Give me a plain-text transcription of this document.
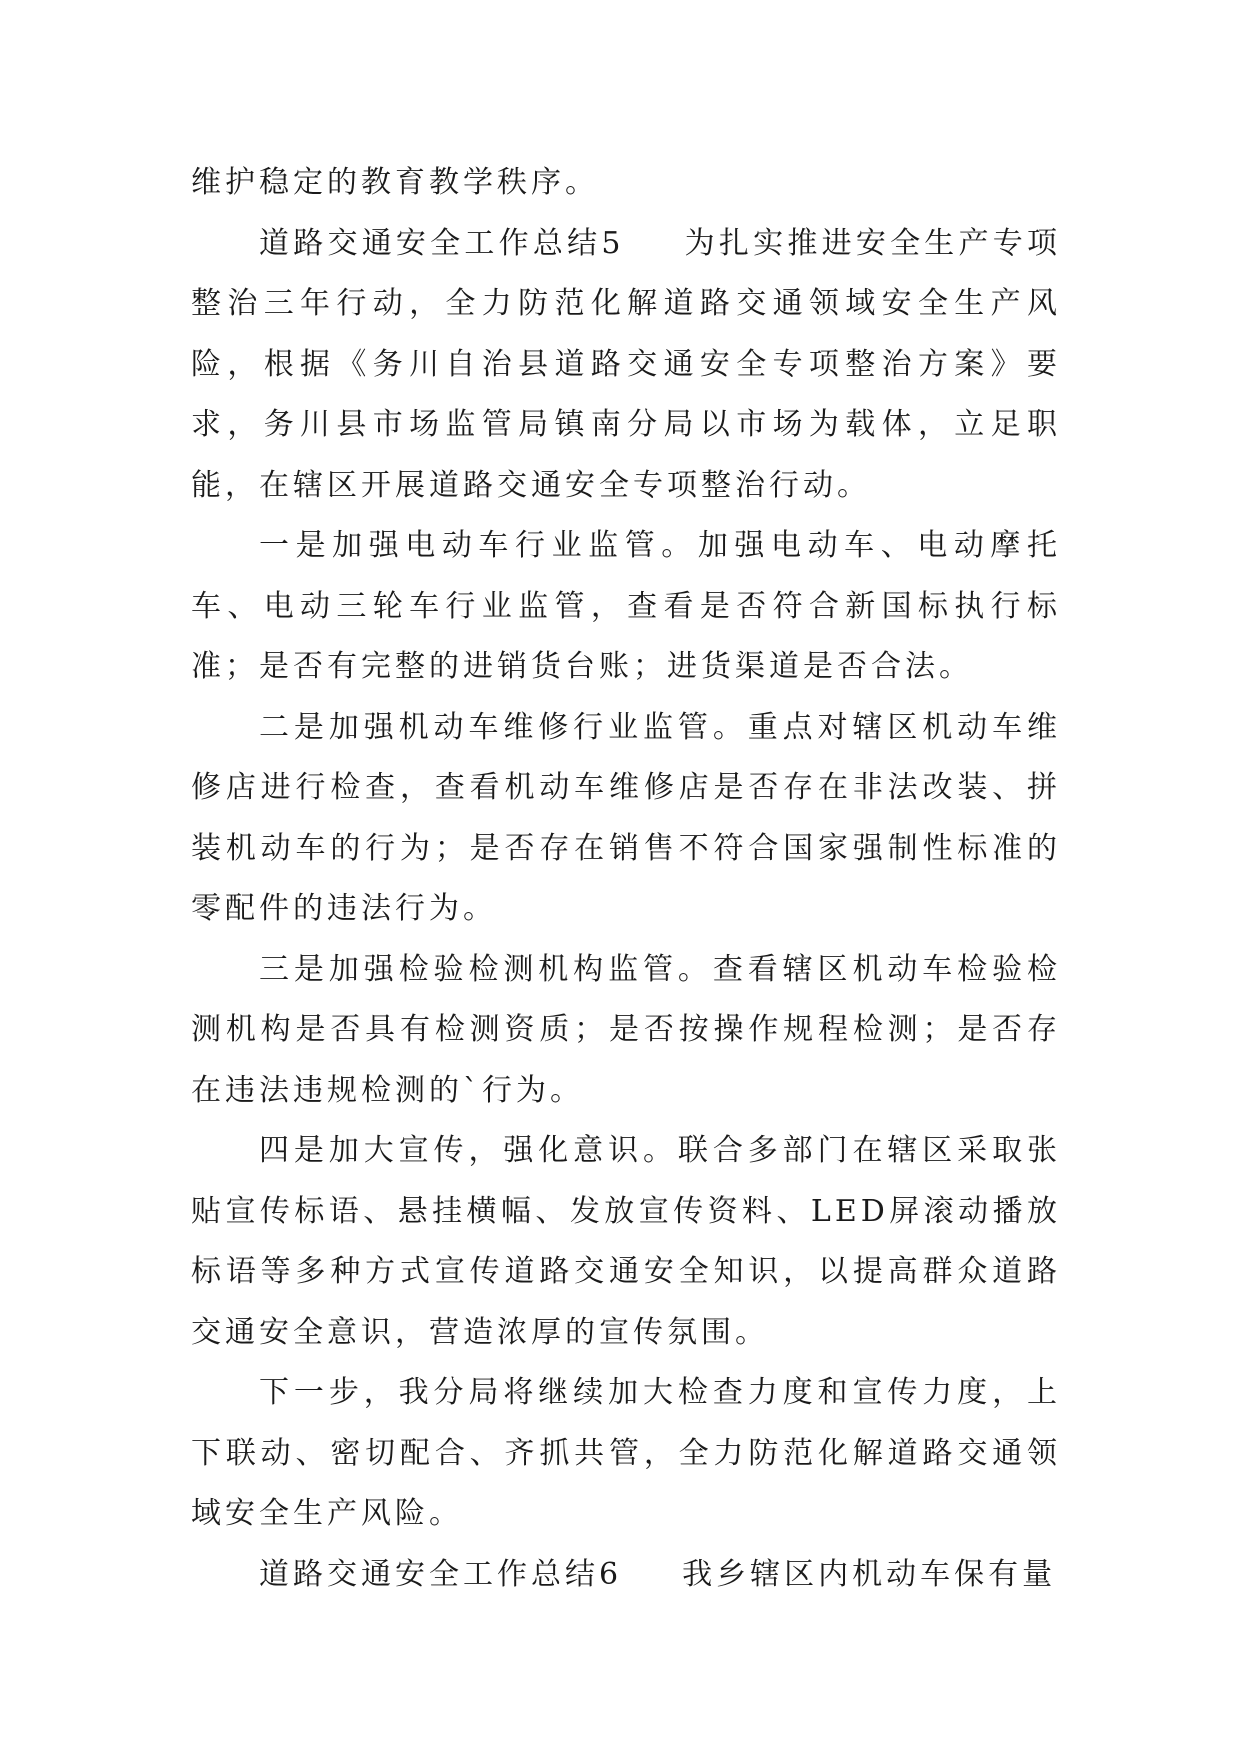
维护稳定的教育教学秩序。

道路交通安全工作总结5 为扎实推进安全生产专项整治三年行动，全力防范化解道路交通领域安全生产风险，根据《务川自治县道路交通安全专项整治方案》要求，务川县市场监管局镇南分局以市场为载体，立足职能，在辖区开展道路交通安全专项整治行动。

一是加强电动车行业监管。加强电动车、电动摩托车、电动三轮车行业监管，查看是否符合新国标执行标准；是否有完整的进销货台账；进货渠道是否合法。

二是加强机动车维修行业监管。重点对辖区机动车维修店进行检查，查看机动车维修店是否存在非法改装、拼装机动车的行为；是否存在销售不符合国家强制性标准的零配件的违法行为。

三是加强检验检测机构监管。查看辖区机动车检验检测机构是否具有检测资质；是否按操作规程检测；是否存在违法违规检测的`行为。

四是加大宣传，强化意识。联合多部门在辖区采取张贴宣传标语、悬挂横幅、发放宣传资料、LED屏滚动播放标语等多种方式宣传道路交通安全知识，以提高群众道路交通安全意识，营造浓厚的宣传氛围。

下一步，我分局将继续加大检查力度和宣传力度，上下联动、密切配合、齐抓共管，全力防范化解道路交通领域安全生产风险。

道路交通安全工作总结6 我乡辖区内机动车保有量
